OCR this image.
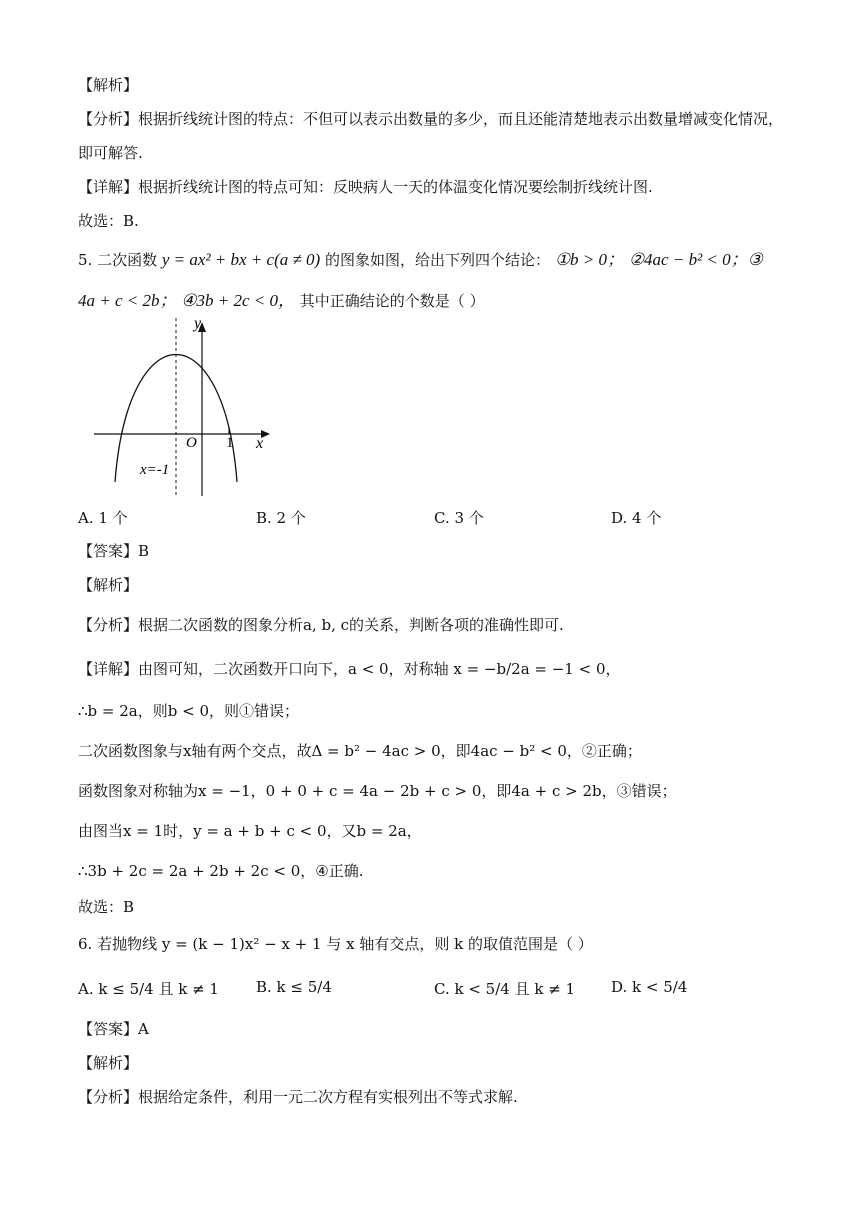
【解析】
【分析】根据折线统计图的特点：不但可以表示出数量的多少，而且还能清楚地表示出数量增减变化情况，
即可解答.
【详解】根据折线统计图的特点可知：反映病人一天的体温变化情况要绘制折线统计图.
故选：B.
5. 二次函数 y = ax² + bx + c(a ≠ 0) 的图象如图，给出下列四个结论： ①b > 0； ②4ac − b² < 0；③
4a + c < 2b； ④3b + 2c < 0， 其中正确结论的个数是（ ）
y
x
O 1
x=-1
A. 1 个	B. 2 个	C. 3 个	D. 4 个
【答案】B
【解析】
【分析】根据二次函数的图象分析a, b, c的关系，判断各项的准确性即可.
【详解】由图可知，二次函数开口向下，a < 0，对称轴 x = −b/2a = −1 < 0，
∴b = 2a，则b < 0，则①错误；
二次函数图象与x轴有两个交点，故Δ = b² − 4ac > 0，即4ac − b² < 0，②正确；
函数图象对称轴为x = −1，0 + 0 + c = 4a − 2b + c > 0，即4a + c > 2b，③错误；
由图当x = 1时，y = a + b + c < 0，又b = 2a，
∴3b + 2c = 2a + 2b + 2c < 0，④正确.
故选：B
6. 若抛物线 y = (k − 1)x² − x + 1 与 x 轴有交点，则 k 的取值范围是（ ）
A. k ≤ 5/4 且 k ≠ 1 B. k ≤ 5/4	C. k < 5/4 且 k ≠ 1 D. k < 5/4
【答案】A
【解析】
【分析】根据给定条件，利用一元二次方程有实根列出不等式求解.
